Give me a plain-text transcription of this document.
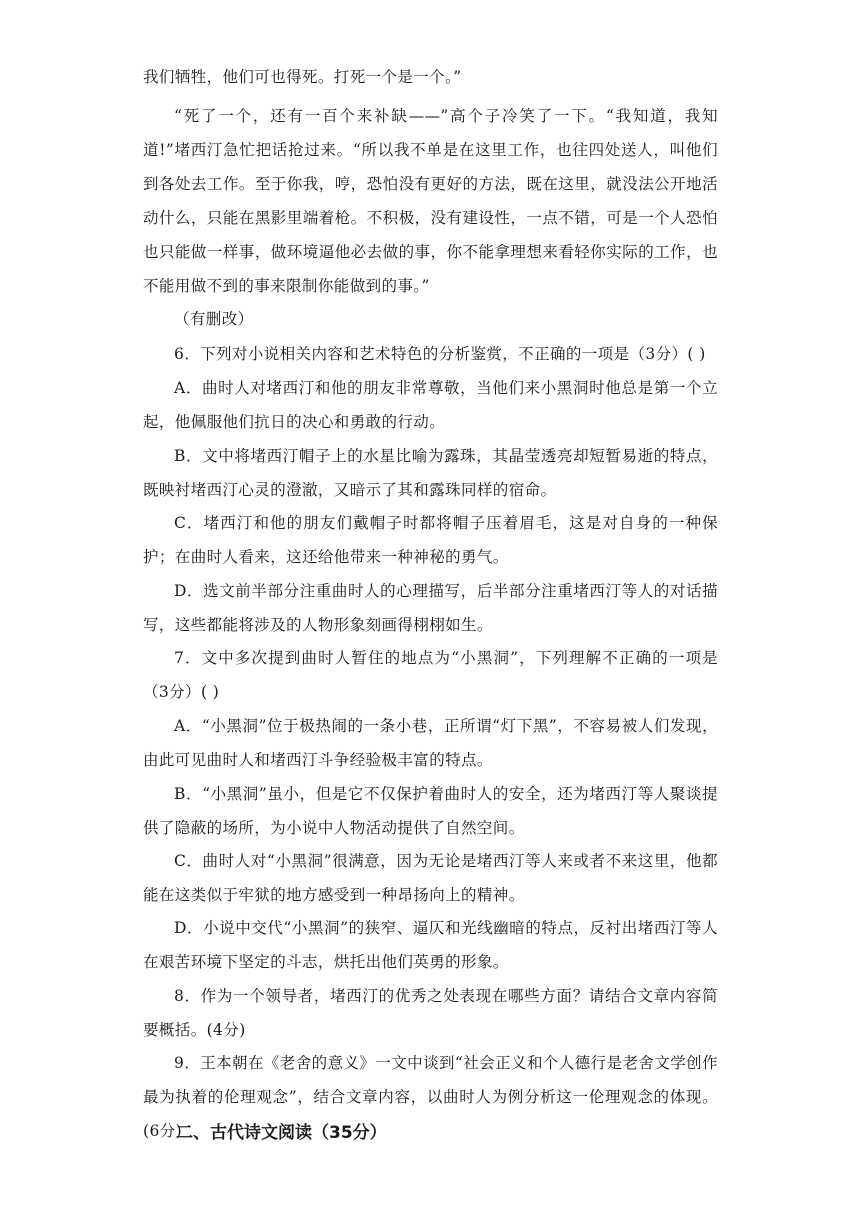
我们牺牲，他们可也得死。打死一个是一个。”

“死了一个，还有一百个来补缺——”高个子冷笑了一下。“我知道，我知道!”堵西汀急忙把话抢过来。“所以我不单是在这里工作，也往四处送人，叫他们到各处去工作。至于你我，哼，恐怕没有更好的方法，既在这里，就没法公开地活动什么，只能在黑影里端着枪。不积极，没有建设性，一点不错，可是一个人恐怕也只能做一样事，做环境逼他必去做的事，你不能拿理想来看轻你实际的工作，也不能用做不到的事来限制你能做到的事。”

（有删改）

6．下列对小说相关内容和艺术特色的分析鉴赏，不正确的一项是（3分）( )

A．曲时人对堵西汀和他的朋友非常尊敬，当他们来小黑洞时他总是第一个立起，他佩服他们抗日的决心和勇敢的行动。

B．文中将堵西汀帽子上的水星比喻为露珠，其晶莹透亮却短暂易逝的特点，既映衬堵西汀心灵的澄澈，又暗示了其和露珠同样的宿命。

C．堵西汀和他的朋友们戴帽子时都将帽子压着眉毛，这是对自身的一种保护；在曲时人看来，这还给他带来一种神秘的勇气。

D．选文前半部分注重曲时人的心理描写，后半部分注重堵西汀等人的对话描写，这些都能将涉及的人物形象刻画得栩栩如生。

7．文中多次提到曲时人暂住的地点为“小黑洞”，下列理解不正确的一项是（3分）( )

A．“小黑洞”位于极热闹的一条小巷，正所谓“灯下黑”，不容易被人们发现，由此可见曲时人和堵西汀斗争经验极丰富的特点。

B．“小黑洞”虽小，但是它不仅保护着曲时人的安全，还为堵西汀等人聚谈提供了隐蔽的场所，为小说中人物活动提供了自然空间。

C．曲时人对“小黑洞”很满意，因为无论是堵西汀等人来或者不来这里，他都能在这类似于牢狱的地方感受到一种昂扬向上的精神。

D．小说中交代“小黑洞”的狭窄、逼仄和光线幽暗的特点，反衬出堵西汀等人在艰苦环境下坚定的斗志，烘托出他们英勇的形象。

8．作为一个领导者，堵西汀的优秀之处表现在哪些方面？请结合文章内容简要概括。(4分)

9．王本朝在《老舍的意义》一文中谈到“社会正义和个人德行是老舍文学创作最为执着的伦理观念”，结合文章内容，以曲时人为例分析这一伦理观念的体现。(6分)

二、古代诗文阅读（35分）
